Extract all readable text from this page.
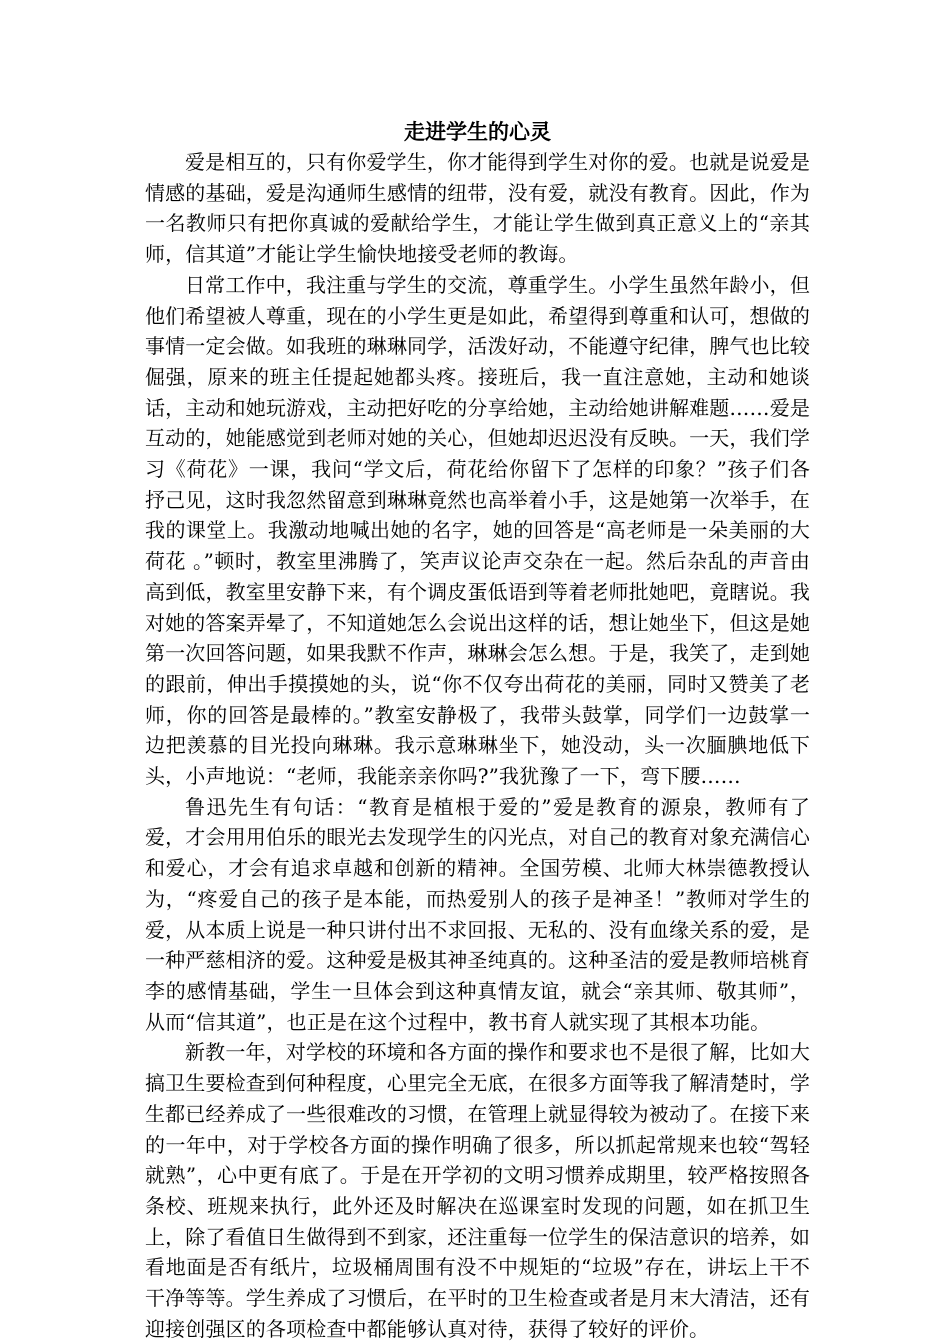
走进学生的心灵

爱是相互的，只有你爱学生，你才能得到学生对你的爱。也就是说爱是情感的基础，爱是沟通师生感情的纽带，没有爱，就没有教育。因此，作为一名教师只有把你真诚的爱献给学生，才能让学生做到真正意义上的“亲其师，信其道”才能让学生愉快地接受老师的教诲。

日常工作中，我注重与学生的交流，尊重学生。小学生虽然年龄小，但他们希望被人尊重，现在的小学生更是如此，希望得到尊重和认可，想做的事情一定会做。如我班的琳琳同学，活泼好动，不能遵守纪律，脾气也比较倔强，原来的班主任提起她都头疼。接班后，我一直注意她，主动和她谈话，主动和她玩游戏，主动把好吃的分享给她，主动给她讲解难题……爱是互动的，她能感觉到老师对她的关心，但她却迟迟没有反映。一天，我们学习《荷花》一课，我问“学文后，荷花给你留下了怎样的印象？”孩子们各抒己见，这时我忽然留意到琳琳竟然也高举着小手，这是她第一次举手，在我的课堂上。我激动地喊出她的名字，她的回答是“高老师是一朵美丽的大荷花 。”顿时，教室里沸腾了，笑声议论声交杂在一起。然后杂乱的声音由高到低，教室里安静下来，有个调皮蛋低语到等着老师批她吧，竟瞎说。我对她的答案弄晕了，不知道她怎么会说出这样的话，想让她坐下，但这是她第一次回答问题，如果我默不作声，琳琳会怎么想。于是，我笑了，走到她的跟前，伸出手摸摸她的头，说“你不仅夸出荷花的美丽，同时又赞美了老师，你的回答是最棒的。”教室安静极了，我带头鼓掌，同学们一边鼓掌一边把羡慕的目光投向琳琳。我示意琳琳坐下，她没动，头一次腼腆地低下头，小声地说：“老师，我能亲亲你吗?”我犹豫了一下，弯下腰……

鲁迅先生有句话：“教育是植根于爱的”爱是教育的源泉，教师有了爱，才会用用伯乐的眼光去发现学生的闪光点，对自己的教育对象充满信心和爱心，才会有追求卓越和创新的精神。全国劳模、北师大林崇德教授认为，“疼爱自己的孩子是本能，而热爱别人的孩子是神圣！”教师对学生的爱，从本质上说是一种只讲付出不求回报、无私的、没有血缘关系的爱，是一种严慈相济的爱。这种爱是极其神圣纯真的。这种圣洁的爱是教师培桃育李的感情基础，学生一旦体会到这种真情友谊，就会“亲其师、敬其师”，从而“信其道”，也正是在这个过程中，教书育人就实现了其根本功能。

新教一年，对学校的环境和各方面的操作和要求也不是很了解，比如大搞卫生要检查到何种程度，心里完全无底，在很多方面等我了解清楚时，学生都已经养成了一些很难改的习惯，在管理上就显得较为被动了。在接下来的一年中，对于学校各方面的操作明确了很多，所以抓起常规来也较“驾轻就熟”，心中更有底了。于是在开学初的文明习惯养成期里，较严格按照各条校、班规来执行，此外还及时解决在巡课室时发现的问题，如在抓卫生上，除了看值日生做得到不到家，还注重每一位学生的保洁意识的培养，如看地面是否有纸片，垃圾桶周围有没不中规矩的“垃圾”存在，讲坛上干不干净等等。学生养成了习惯后，在平时的卫生检查或者是月末大清洁，还有迎接创强区的各项检查中都能够认真对待，获得了较好的评价。
